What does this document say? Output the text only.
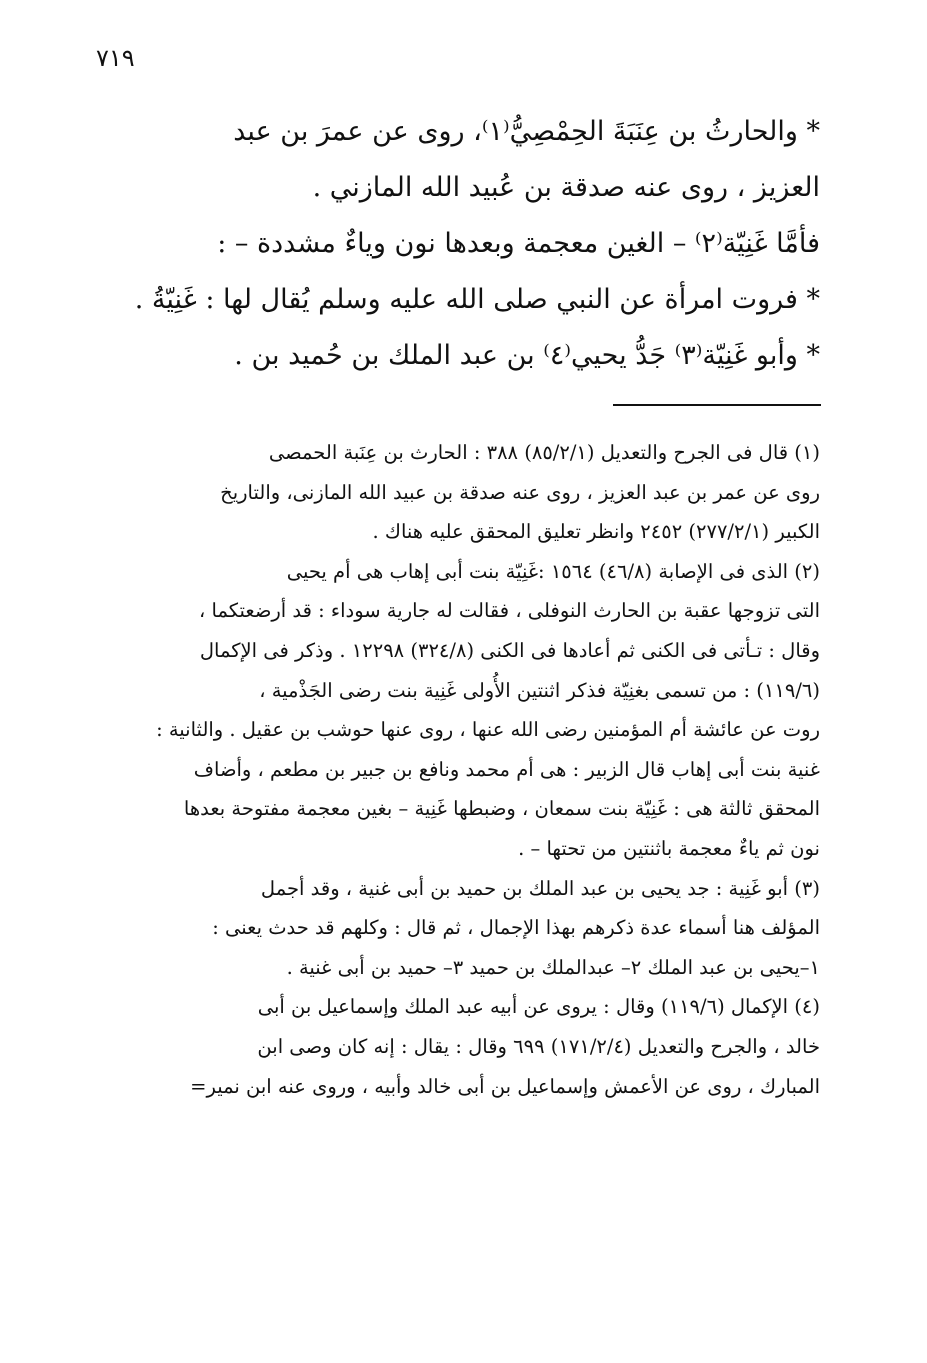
٧١٩
* والحارثُ بن عِنَبَةَ الحِمْصِيُّ⁽١⁾، روى عن عمرَ بن عبد
العزيز ، روى عنه صدقة بن عُبيد الله المازني .
فأمَّا غَنِيّة⁽٢⁾ – الغين معجمة وبعدها نون وياءٌ مشددة – :
* فروت امرأة عن النبي صلى الله عليه وسلم يُقال لها : غَنِيّةُ .
* وأبو غَنِيّة⁽٣⁾ جَدُّ يحيي⁽٤⁾ بن عبد الملك بن حُميد بن .
(١) قال فى الجرح والتعديل (٨٥/٢/١) ٣٨٨ : الحارث بن عِنَبة الحمصى
روى عن عمر بن عبد العزيز ، روى عنه صدقة بن عبيد الله المازنى، والتاريخ
الكبير (٢٧٧/٢/١) ٢٤٥٢ وانظر تعليق المحقق عليه هناك .
(٢) الذى فى الإصابة (٤٦/٨) ١٥٦٤ :غَنِيّة بنت أبى إهاب هى أم يحيى
التى تزوجها عقبة بن الحارث النوفلى ، فقالت له جارية سوداء : قد أرضعتكما ،
وقال : تـأتى فى الكنى ثم أعادها فى الكنى (٣٢٤/٨) ١٢٢٩٨ . وذكر فى الإكمال
(١١٩/٦) : من تسمى بغنِيّة فذكر اثنتين الأُولى غَنِية بنت رضى الجَذْمية ،
روت عن عائشة أم المؤمنين رضى الله عنها ، روى عنها حوشب بن عقيل . والثانية :
غنية بنت أبى إهاب قال الزبير : هى أم محمد ونافع بن جبير بن مطعم ، وأضاف
المحقق ثالثة هى : غَنِيّة بنت سمعان ، وضبطها غَنِية – بغين معجمة مفتوحة بعدها
نون ثم ياءٌ معجمة باثنتين من تحتها – .
(٣) أبو غَنِية : جد يحيى بن عبد الملك بن حميد بن أبى غنية ، وقد أجمل
المؤلف هنا أسماء عدة ذكرهم بهذا الإجمال ، ثم قال : وكلهم قد حدث يعنى :
١–يحيى بن عبد الملك ٢– عبدالملك بن حميد ٣– حميد بن أبى غنية .
(٤) الإكمال (١١٩/٦) وقال : يروى عن أبيه عبد الملك وإسماعيل بن أبى
خالد ، والجرح والتعديل (١٧١/٢/٤) ٦٩٩ وقال : يقال : إنه كان وصى ابن
المبارك ، روى عن الأعمش وإسماعيل بن أبى خالد وأبيه ، وروى عنه ابن نمير=
